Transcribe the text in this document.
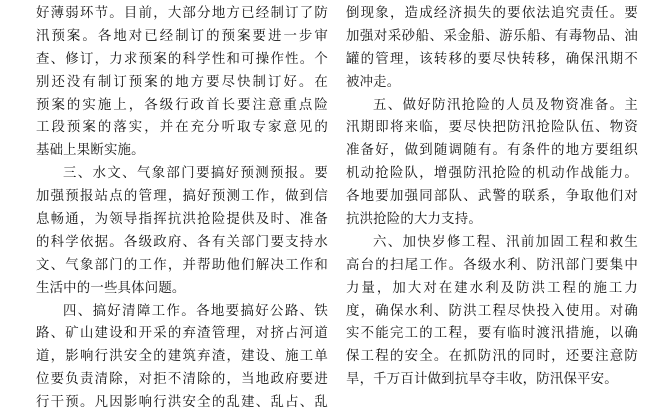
好薄弱环节。目前，大部分地方已经制订了防
汛预案。各地对已经制订的预案要进一步审
查、修订，力求预案的科学性和可操作性。个
别还没有制订预案的地方要尽快制订好。在
预案的实施上，各级行政首长要注意重点险
工段预案的落实，并在充分听取专家意见的
基础上果断实施。
三、水文、气象部门要搞好预测预报。要
加强预报站点的管理，搞好预测工作，做到信
息畅通，为领导指挥抗洪抢险提供及时、准备
的科学依据。各级政府、各有关部门要支持水
文、气象部门的工作，并帮助他们解决工作和
生活中的一些具体问题。
四、搞好清障工作。各地要搞好公路、铁
路、矿山建设和开采的弃渣管理，对挤占河道
道，影响行洪安全的建筑弃渣，建设、施工单
位要负责清除，对拒不清除的，当地政府要进
行干预。凡因影响行洪安全的乱建、乱占、乱
倒现象，造成经济损失的要依法追究责任。要
加强对采砂船、采金船、游乐船、有毒物品、油
罐的管理，该转移的要尽快转移，确保汛期不
被冲走。
五、做好防汛抢险的人员及物资准备。主
汛期即将来临，要尽快把防汛抢险队伍、物资
准备好，做到随调随有。有条件的地方要组织
机动抢险队，增强防汛抢险的机动作战能力。
各地要加强同部队、武警的联系，争取他们对
抗洪抢险的大力支持。
六、加快岁修工程、汛前加固工程和救生
高台的扫尾工作。各级水利、防汛部门要集中
力量，加大对在建水利及防洪工程的施工力
度，确保水利、防洪工程尽快投入使用。对确
实不能完工的工程，要有临时渡汛措施，以确
保工程的安全。在抓防汛的同时，还要注意防
旱，千万百计做到抗旱夺丰收，防汛保平安。
